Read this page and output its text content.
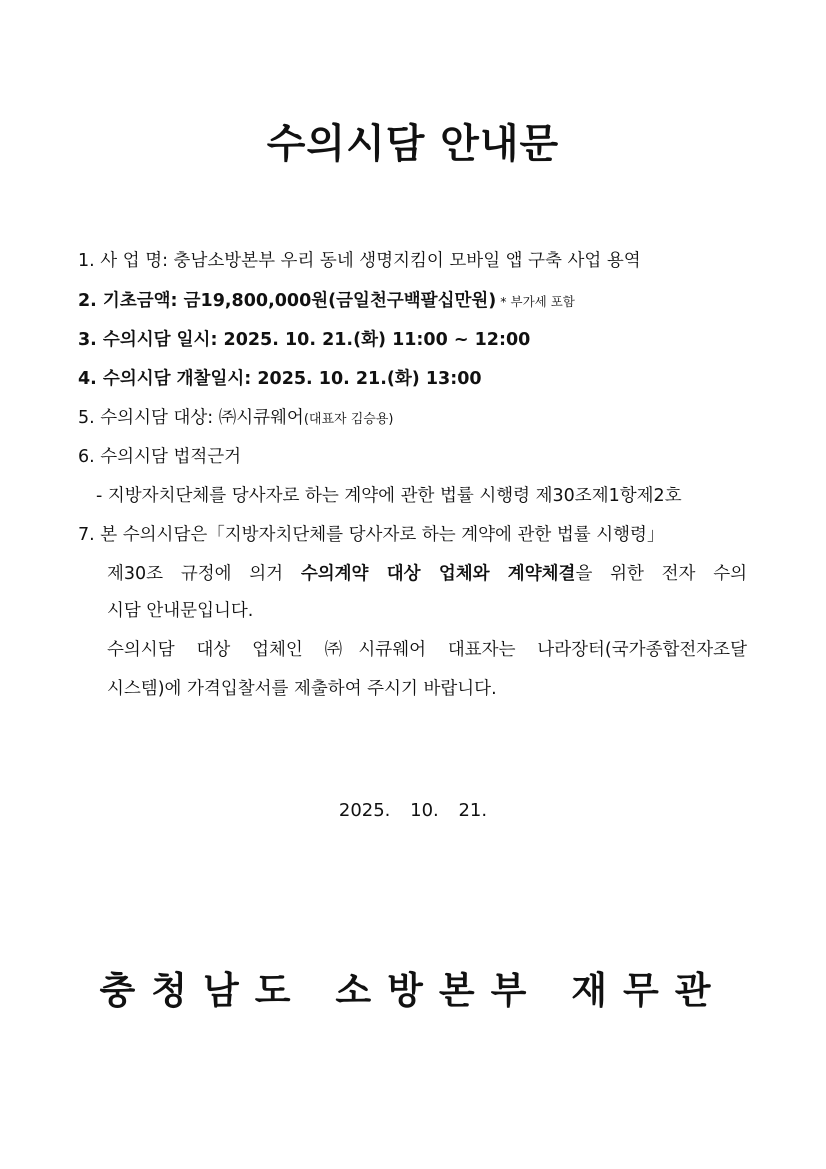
수의시담 안내문
1. 사 업 명: 충남소방본부 우리 동네 생명지킴이 모바일 앱 구축 사업 용역
2. 기초금액: 금19,800,000원(금일천구백팔십만원) * 부가세 포함
3. 수의시담 일시: 2025. 10. 21.(화) 11:00 ~ 12:00
4. 수의시담 개찰일시: 2025. 10. 21.(화) 13:00
5. 수의시담 대상: ㈜시큐웨어(대표자 김승용)
6. 수의시담 법적근거
- 지방자치단체를 당사자로 하는 계약에 관한 법률 시행령 제30조제1항제2호
7. 본 수의시담은「지방자치단체를 당사자로 하는 계약에 관한 법률 시행령」
제30조 규정에 의거 수의계약 대상 업체와 계약체결을 위한 전자 수의
시담 안내문입니다.
수의시담 대상 업체인 ㈜시큐웨어 대표자는 나라장터(국가종합전자조달
시스템)에 가격입찰서를 제출하여 주시기 바랍니다.
2025. 10. 21.
충청남도 소방본부 재무관
